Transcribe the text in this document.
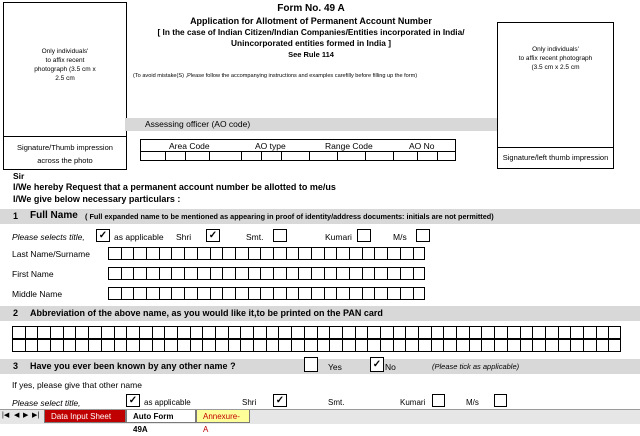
Only individuals'
to affix recent
photograph (3.5 cm x
2.5 cm
Signature/Thumb impression
across the photo
Only individuals'
to affix recent photograph
(3.5 cm x 2.5 cm
Signature/left thumb impression
Form No. 49 A
Application for Allotment of Permanent Account Number
[ In the case of Indian Citizen/Indian Companies/Entities incorporated in India/
Unincorporated entities formed in India ]
See Rule 114
(To avoid mistake(S) ,Please follow the accompanying instructions and examples carefilly before filling up the form)
Assessing officer (AO code)
Area Code	AO type	Range Code	AO No
Sir
I/We hereby Request that a permanent account number be allotted to me/us
I/We give below necessary particulars :
1 Full Name ( Full expanded name to be mentioned as appearing in proof of identity/address documents: initials are not permitted)
Please selects title, ✓ as applicable Shri ✓	Smt.	Kumari	M/s
Last Name/Surname
First Name
Middle Name
2 Abbreviation of the above name, as you would like it,to be printed on the PAN card
3 Have you ever been known by any other name ?	Yes	✓ No	(Please tick as applicable)
If yes, please give that other name
Please select title,	✓ as applicable	Shri ✓	Smt.	Kumari	M/s
|◀ ◀ ▶ ▶|	Data Input Sheet	Auto Form 49A
Annexure-A
